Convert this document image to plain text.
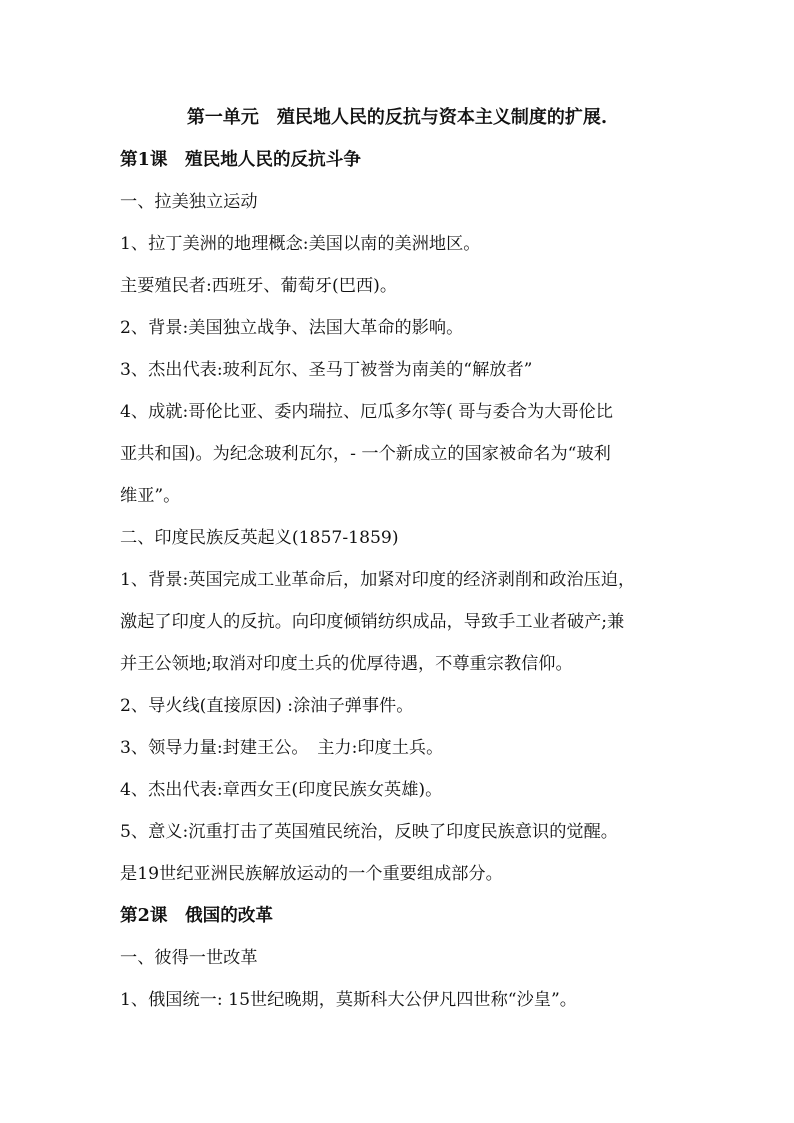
第一单元　殖民地人民的反抗与资本主义制度的扩展.
第1课　殖民地人民的反抗斗争
一、拉美独立运动
1、拉丁美洲的地理概念:美国以南的美洲地区。
主要殖民者:西班牙、葡萄牙(巴西)。
2、背景:美国独立战争、法国大革命的影响。
3、杰出代表:玻利瓦尔、圣马丁被誉为南美的“解放者”
4、成就:哥伦比亚、委内瑞拉、厄瓜多尔等( 哥与委合为大哥伦比
亚共和国)。为纪念玻利瓦尔，- 一个新成立的国家被命名为“玻利
维亚”。
二、印度民族反英起义(1857-1859)
1、背景:英国完成工业革命后，加紧对印度的经济剥削和政治压迫，
激起了印度人的反抗。向印度倾销纺织成品，导致手工业者破产;兼
并王公领地;取消对印度土兵的优厚待遇，不尊重宗教信仰。
2、导火线(直接原因) :涂油子弹事件。
3、领导力量:封建王公。　主力:印度土兵。
4、杰出代表:章西女王(印度民族女英雄)。
5、意义:沉重打击了英国殖民统治，反映了印度民族意识的觉醒。
是19世纪亚洲民族解放运动的一个重要组成部分。
第2课　俄国的改革
一、彼得一世改革
1、俄国统一: 15世纪晚期，莫斯科大公伊凡四世称“沙皇”。
